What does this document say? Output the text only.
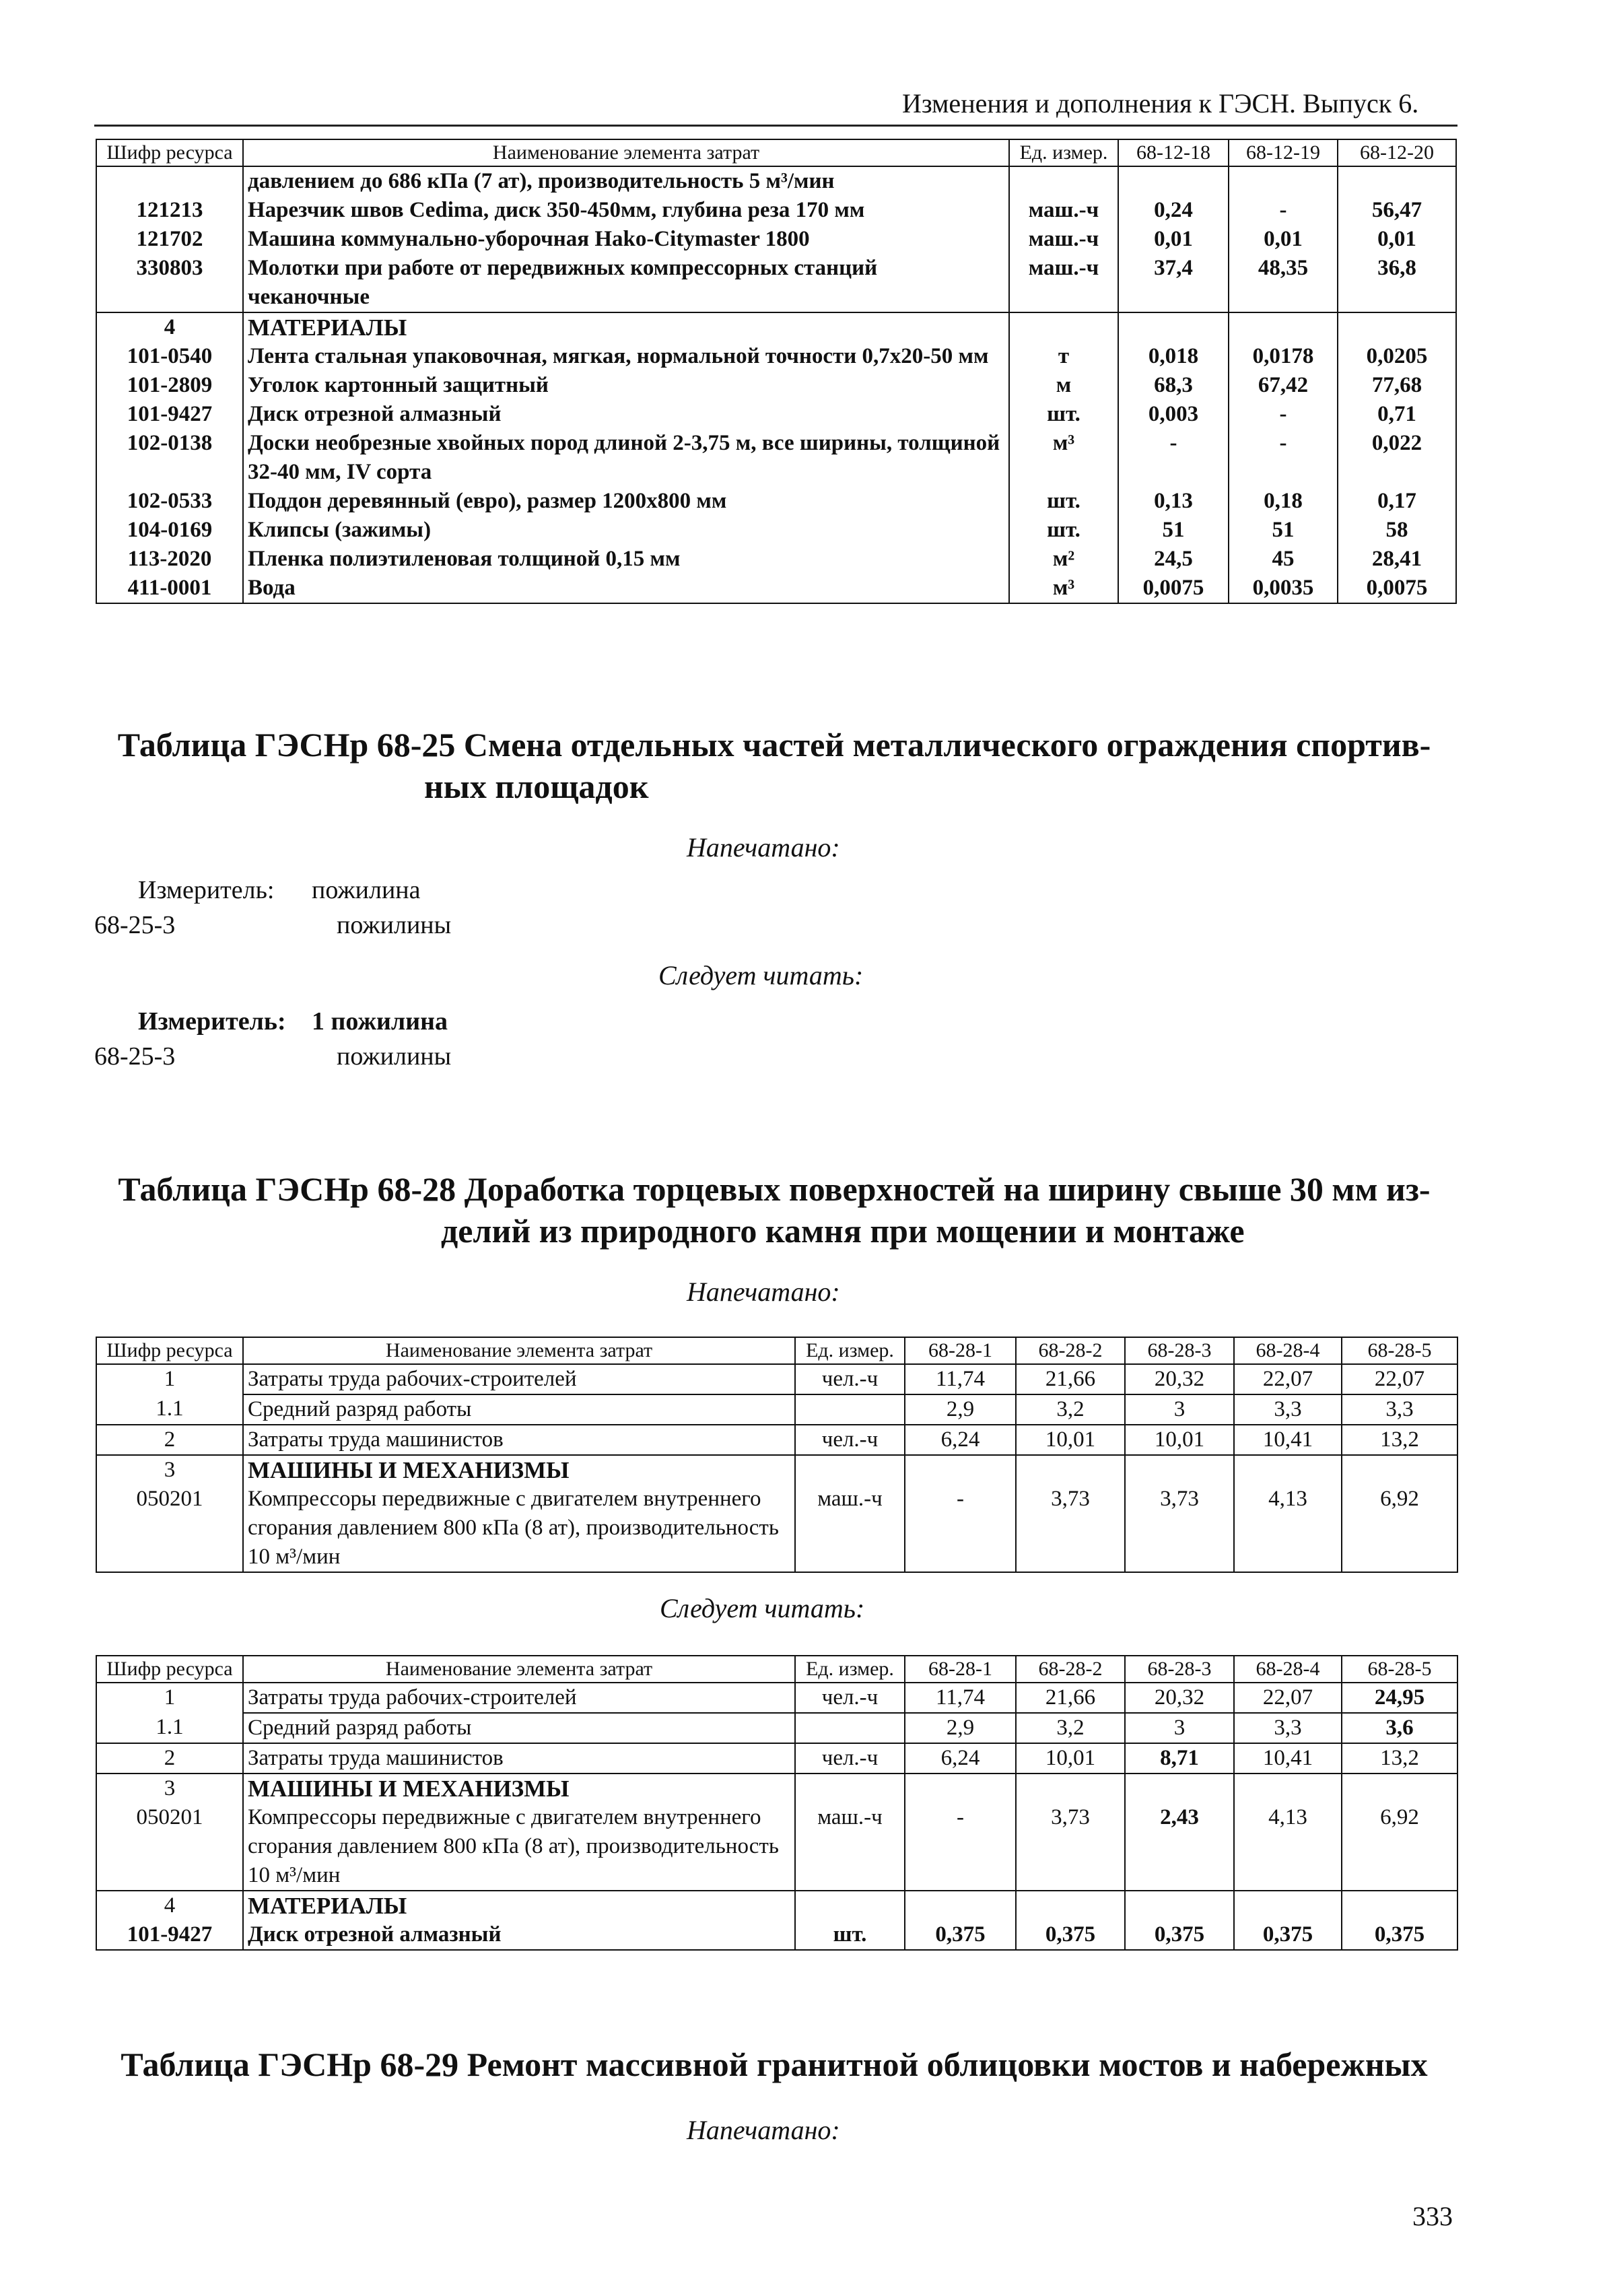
Изменения и дополнения к ГЭСН. Выпуск 6.
Шифр ресурса	Наименование элемента затрат	Ед. измер.	68-12-18	68-12-19	68-12-20
	давлением до 686 кПа (7 ат), производительность 5 м³/мин				
121213	Нарезчик швов Cedima, диск 350-450мм, глубина реза 170 мм	маш.-ч	0,24	-	56,47
121702	Машина коммунально-уборочная Hako-Citymaster 1800	маш.-ч	0,01	0,01	0,01
330803	Молотки при работе от передвижных компрессорных станций чеканочные	маш.-ч	37,4	48,35	36,8
4	МАТЕРИАЛЫ				
101-0540	Лента стальная упаковочная, мягкая, нормальной точности 0,7х20-50 мм	т	0,018	0,0178	0,0205
101-2809	Уголок картонный защитный	м	68,3	67,42	77,68
101-9427	Диск отрезной алмазный	шт.	0,003	-	0,71
102-0138	Доски необрезные хвойных пород длиной 2-3,75 м, все ширины, толщиной 32-40 мм, IV сорта	м³	-	-	0,022
102-0533	Поддон деревянный (евро), размер 1200х800 мм	шт.	0,13	0,18	0,17
104-0169	Клипсы (зажимы)	шт.	51	51	58
113-2020	Пленка полиэтиленовая толщиной 0,15 мм	м²	24,5	45	28,41
411-0001	Вода	м³	0,0075	0,0035	0,0075
Таблица ГЭСНр 68-25 Смена отдельных частей металлического ограждения спортив-
ных площадок
Напечатано:
Измеритель: пожилина
68-25-3	пожилины
Следует читать:
Измеритель: 1 пожилина
68-25-3	пожилины
Таблица ГЭСНр 68-28 Доработка торцевых поверхностей на ширину свыше 30 мм из-
делий из природного камня при мощении и монтаже
Напечатано:
Шифр ресурса	Наименование элемента затрат	Ед. измер.	68-28-1	68-28-2	68-28-3	68-28-4	68-28-5
1	Затраты труда рабочих-строителей	чел.-ч	11,74	21,66	20,32	22,07	22,07
1.1	Средний разряд работы		2,9	3,2	3	3,3	3,3
2	Затраты труда машинистов	чел.-ч	6,24	10,01	10,01	10,41	13,2
3	МАШИНЫ И МЕХАНИЗМЫ						
050201	Компрессоры передвижные с двигателем внутреннего сгорания давлением 800 кПа (8 ат), производительность 10 м³/мин	маш.-ч	-	3,73	3,73	4,13	6,92
Следует читать:
Шифр ресурса	Наименование элемента затрат	Ед. измер.	68-28-1	68-28-2	68-28-3	68-28-4	68-28-5
1	Затраты труда рабочих-строителей	чел.-ч	11,74	21,66	20,32	22,07	24,95
1.1	Средний разряд работы		2,9	3,2	3	3,3	3,6
2	Затраты труда машинистов	чел.-ч	6,24	10,01	8,71	10,41	13,2
3	МАШИНЫ И МЕХАНИЗМЫ						
050201	Компрессоры передвижные с двигателем внутреннего сгорания давлением 800 кПа (8 ат), производительность 10 м³/мин	маш.-ч	-	3,73	2,43	4,13	6,92
4	МАТЕРИАЛЫ						
101-9427	Диск отрезной алмазный	шт.	0,375	0,375	0,375	0,375	0,375
Таблица ГЭСНр 68-29 Ремонт массивной гранитной облицовки мостов и набережных
Напечатано:
333
